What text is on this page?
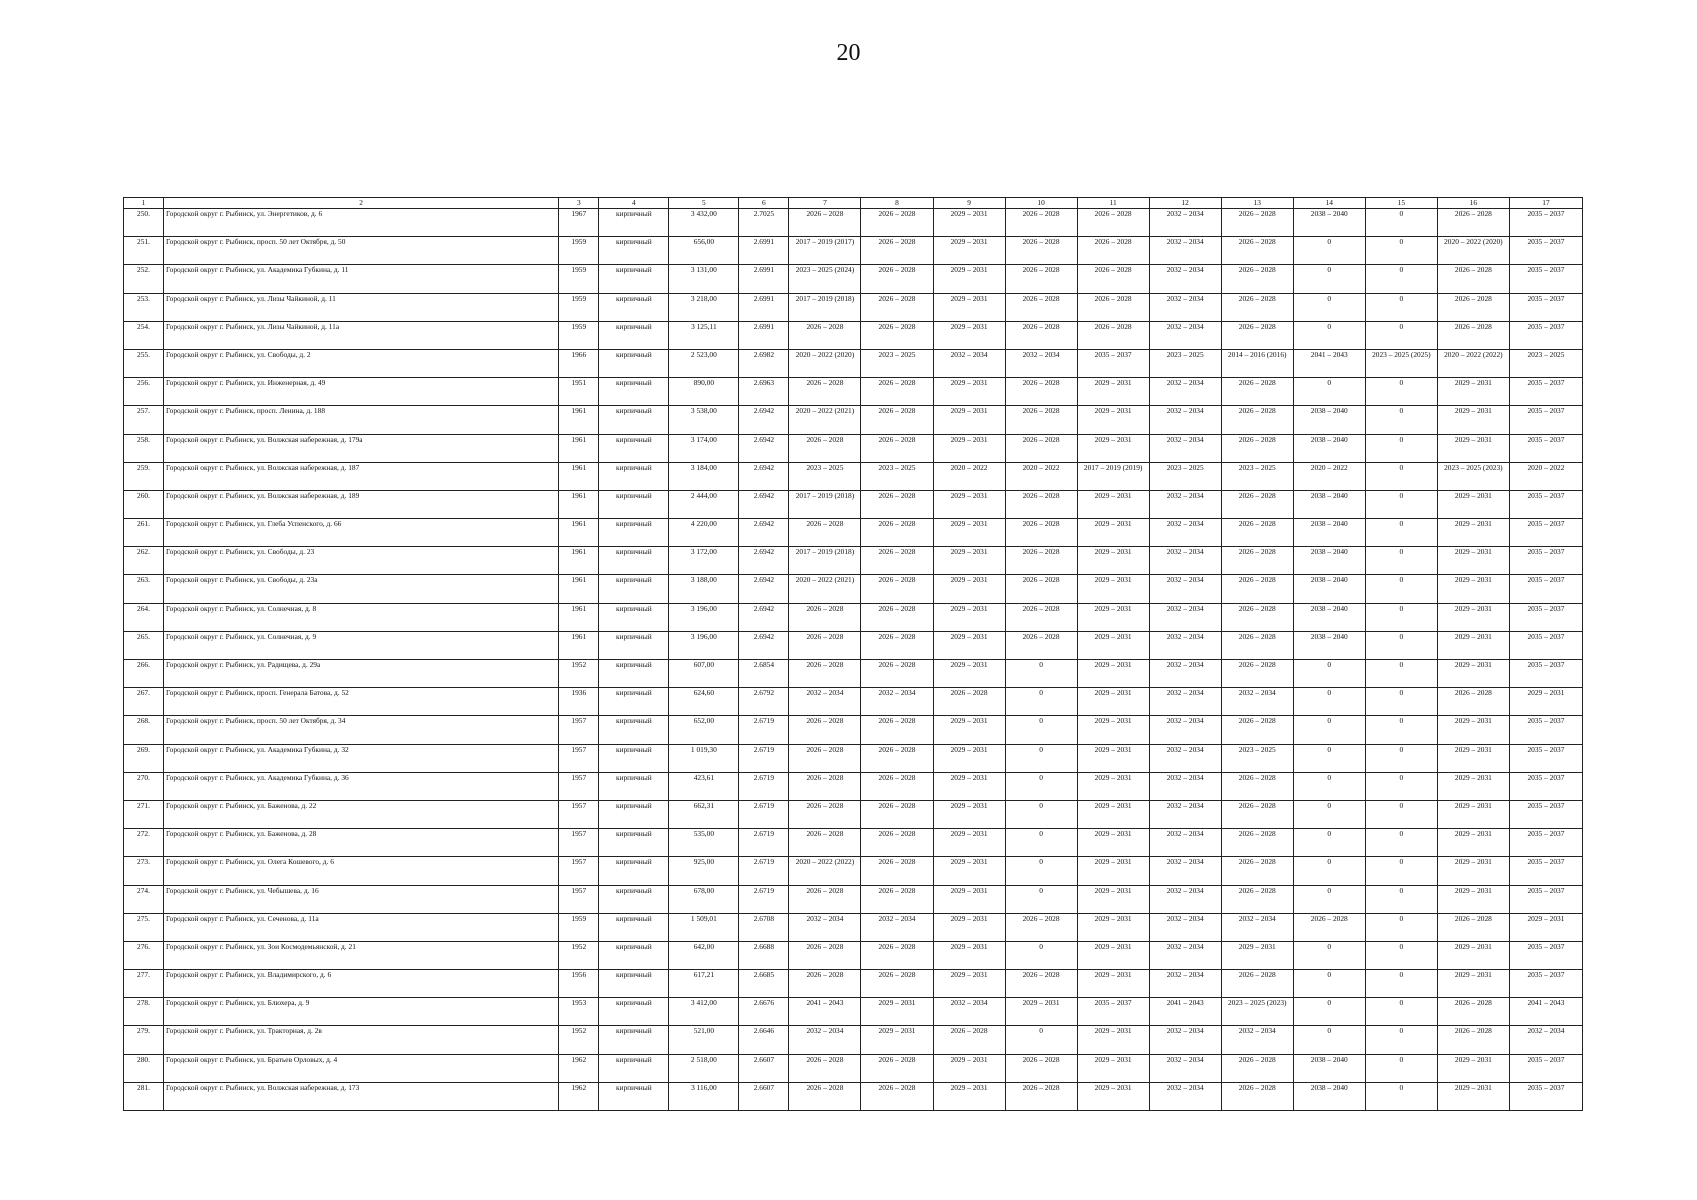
20
1	2	3	4	5	6	7	8	9	10	11	12	13	14	15	16	17
250.	Городской округ г. Рыбинск, ул. Энергетиков, д. 6	1967	кирпичный	3 432,00	2.7025	2026 – 2028	2026 – 2028	2029 – 2031	2026 – 2028	2026 – 2028	2032 – 2034	2026 – 2028	2038 – 2040	0	2026 – 2028	2035 – 2037
251.	Городской округ г. Рыбинск, просп. 50 лет Октября, д. 50	1959	кирпичный	656,00	2.6991	2017 – 2019 (2017)	2026 – 2028	2029 – 2031	2026 – 2028	2026 – 2028	2032 – 2034	2026 – 2028	0	0	2020 – 2022 (2020)	2035 – 2037
252.	Городской округ г. Рыбинск, ул. Академика Губкина, д. 11	1959	кирпичный	3 131,00	2.6991	2023 – 2025 (2024)	2026 – 2028	2029 – 2031	2026 – 2028	2026 – 2028	2032 – 2034	2026 – 2028	0	0	2026 – 2028	2035 – 2037
253.	Городской округ г. Рыбинск, ул. Лизы Чайкиной, д. 11	1959	кирпичный	3 218,00	2.6991	2017 – 2019 (2018)	2026 – 2028	2029 – 2031	2026 – 2028	2026 – 2028	2032 – 2034	2026 – 2028	0	0	2026 – 2028	2035 – 2037
254.	Городской округ г. Рыбинск, ул. Лизы Чайкиной, д. 11а	1959	кирпичный	3 125,11	2.6991	2026 – 2028	2026 – 2028	2029 – 2031	2026 – 2028	2026 – 2028	2032 – 2034	2026 – 2028	0	0	2026 – 2028	2035 – 2037
255.	Городской округ г. Рыбинск, ул. Свободы, д. 2	1966	кирпичный	2 523,00	2.6982	2020 – 2022 (2020)	2023 – 2025	2032 – 2034	2032 – 2034	2035 – 2037	2023 – 2025	2014 – 2016 (2016)	2041 – 2043	2023 – 2025 (2025)	2020 – 2022 (2022)	2023 – 2025
256.	Городской округ г. Рыбинск, ул. Инженерная, д. 49	1951	кирпичный	890,00	2.6963	2026 – 2028	2026 – 2028	2029 – 2031	2026 – 2028	2029 – 2031	2032 – 2034	2026 – 2028	0	0	2029 – 2031	2035 – 2037
257.	Городской округ г. Рыбинск, просп. Ленина, д. 188	1961	кирпичный	3 538,00	2.6942	2020 – 2022 (2021)	2026 – 2028	2029 – 2031	2026 – 2028	2029 – 2031	2032 – 2034	2026 – 2028	2038 – 2040	0	2029 – 2031	2035 – 2037
258.	Городской округ г. Рыбинск, ул. Волжская набережная, д. 179а	1961	кирпичный	3 174,00	2.6942	2026 – 2028	2026 – 2028	2029 – 2031	2026 – 2028	2029 – 2031	2032 – 2034	2026 – 2028	2038 – 2040	0	2029 – 2031	2035 – 2037
259.	Городской округ г. Рыбинск, ул. Волжская набережная, д. 187	1961	кирпичный	3 184,00	2.6942	2023 – 2025	2023 – 2025	2020 – 2022	2020 – 2022	2017 – 2019 (2019)	2023 – 2025	2023 – 2025	2020 – 2022	0	2023 – 2025 (2023)	2020 – 2022
260.	Городской округ г. Рыбинск, ул. Волжская набережная, д. 189	1961	кирпичный	2 444,00	2.6942	2017 – 2019 (2018)	2026 – 2028	2029 – 2031	2026 – 2028	2029 – 2031	2032 – 2034	2026 – 2028	2038 – 2040	0	2029 – 2031	2035 – 2037
261.	Городской округ г. Рыбинск, ул. Глеба Успенского, д. 66	1961	кирпичный	4 220,00	2.6942	2026 – 2028	2026 – 2028	2029 – 2031	2026 – 2028	2029 – 2031	2032 – 2034	2026 – 2028	2038 – 2040	0	2029 – 2031	2035 – 2037
262.	Городской округ г. Рыбинск, ул. Свободы, д. 23	1961	кирпичный	3 172,00	2.6942	2017 – 2019 (2018)	2026 – 2028	2029 – 2031	2026 – 2028	2029 – 2031	2032 – 2034	2026 – 2028	2038 – 2040	0	2029 – 2031	2035 – 2037
263.	Городской округ г. Рыбинск, ул. Свободы, д. 23а	1961	кирпичный	3 188,00	2.6942	2020 – 2022 (2021)	2026 – 2028	2029 – 2031	2026 – 2028	2029 – 2031	2032 – 2034	2026 – 2028	2038 – 2040	0	2029 – 2031	2035 – 2037
264.	Городской округ г. Рыбинск, ул. Солнечная, д. 8	1961	кирпичный	3 196,00	2.6942	2026 – 2028	2026 – 2028	2029 – 2031	2026 – 2028	2029 – 2031	2032 – 2034	2026 – 2028	2038 – 2040	0	2029 – 2031	2035 – 2037
265.	Городской округ г. Рыбинск, ул. Солнечная, д. 9	1961	кирпичный	3 196,00	2.6942	2026 – 2028	2026 – 2028	2029 – 2031	2026 – 2028	2029 – 2031	2032 – 2034	2026 – 2028	2038 – 2040	0	2029 – 2031	2035 – 2037
266.	Городской округ г. Рыбинск, ул. Радищева, д. 29а	1952	кирпичный	607,00	2.6854	2026 – 2028	2026 – 2028	2029 – 2031	0	2029 – 2031	2032 – 2034	2026 – 2028	0	0	2029 – 2031	2035 – 2037
267.	Городской округ г. Рыбинск, просп. Генерала Батова, д. 52	1936	кирпичный	624,60	2.6792	2032 – 2034	2032 – 2034	2026 – 2028	0	2029 – 2031	2032 – 2034	2032 – 2034	0	0	2026 – 2028	2029 – 2031
268.	Городской округ г. Рыбинск, просп. 50 лет Октября, д. 34	1957	кирпичный	652,00	2.6719	2026 – 2028	2026 – 2028	2029 – 2031	0	2029 – 2031	2032 – 2034	2026 – 2028	0	0	2029 – 2031	2035 – 2037
269.	Городской округ г. Рыбинск, ул. Академика Губкина, д. 32	1957	кирпичный	1 019,30	2.6719	2026 – 2028	2026 – 2028	2029 – 2031	0	2029 – 2031	2032 – 2034	2023 – 2025	0	0	2029 – 2031	2035 – 2037
270.	Городской округ г. Рыбинск, ул. Академика Губкина, д. 36	1957	кирпичный	423,61	2.6719	2026 – 2028	2026 – 2028	2029 – 2031	0	2029 – 2031	2032 – 2034	2026 – 2028	0	0	2029 – 2031	2035 – 2037
271.	Городской округ г. Рыбинск, ул. Баженова, д. 22	1957	кирпичный	662,31	2.6719	2026 – 2028	2026 – 2028	2029 – 2031	0	2029 – 2031	2032 – 2034	2026 – 2028	0	0	2029 – 2031	2035 – 2037
272.	Городской округ г. Рыбинск, ул. Баженова, д. 28	1957	кирпичный	535,00	2.6719	2026 – 2028	2026 – 2028	2029 – 2031	0	2029 – 2031	2032 – 2034	2026 – 2028	0	0	2029 – 2031	2035 – 2037
273.	Городской округ г. Рыбинск, ул. Олега Кошевого, д. 6	1957	кирпичный	925,00	2.6719	2020 – 2022 (2022)	2026 – 2028	2029 – 2031	0	2029 – 2031	2032 – 2034	2026 – 2028	0	0	2029 – 2031	2035 – 2037
274.	Городской округ г. Рыбинск, ул. Чебышева, д. 16	1957	кирпичный	678,00	2.6719	2026 – 2028	2026 – 2028	2029 – 2031	0	2029 – 2031	2032 – 2034	2026 – 2028	0	0	2029 – 2031	2035 – 2037
275.	Городской округ г. Рыбинск, ул. Сеченова, д. 11а	1959	кирпичный	1 509,01	2.6708	2032 – 2034	2032 – 2034	2029 – 2031	2026 – 2028	2029 – 2031	2032 – 2034	2032 – 2034	2026 – 2028	0	2026 – 2028	2029 – 2031
276.	Городской округ г. Рыбинск, ул. Зои Космодемьянской, д. 21	1952	кирпичный	642,00	2.6688	2026 – 2028	2026 – 2028	2029 – 2031	0	2029 – 2031	2032 – 2034	2029 – 2031	0	0	2029 – 2031	2035 – 2037
277.	Городской округ г. Рыбинск, ул. Владимирского, д. 6	1956	кирпичный	617,21	2.6685	2026 – 2028	2026 – 2028	2029 – 2031	2026 – 2028	2029 – 2031	2032 – 2034	2026 – 2028	0	0	2029 – 2031	2035 – 2037
278.	Городской округ г. Рыбинск, ул. Блюхера, д. 9	1953	кирпичный	3 412,00	2.6676	2041 – 2043	2029 – 2031	2032 – 2034	2029 – 2031	2035 – 2037	2041 – 2043	2023 – 2025 (2023)	0	0	2026 – 2028	2041 – 2043
279.	Городской округ г. Рыбинск, ул. Тракторная, д. 2в	1952	кирпичный	521,00	2.6646	2032 – 2034	2029 – 2031	2026 – 2028	0	2029 – 2031	2032 – 2034	2032 – 2034	0	0	2026 – 2028	2032 – 2034
280.	Городской округ г. Рыбинск, ул. Братьев Орловых, д. 4	1962	кирпичный	2 518,00	2.6607	2026 – 2028	2026 – 2028	2029 – 2031	2026 – 2028	2029 – 2031	2032 – 2034	2026 – 2028	2038 – 2040	0	2029 – 2031	2035 – 2037
281.	Городской округ г. Рыбинск, ул. Волжская набережная, д. 173	1962	кирпичный	3 116,00	2.6607	2026 – 2028	2026 – 2028	2029 – 2031	2026 – 2028	2029 – 2031	2032 – 2034	2026 – 2028	2038 – 2040	0	2029 – 2031	2035 – 2037
